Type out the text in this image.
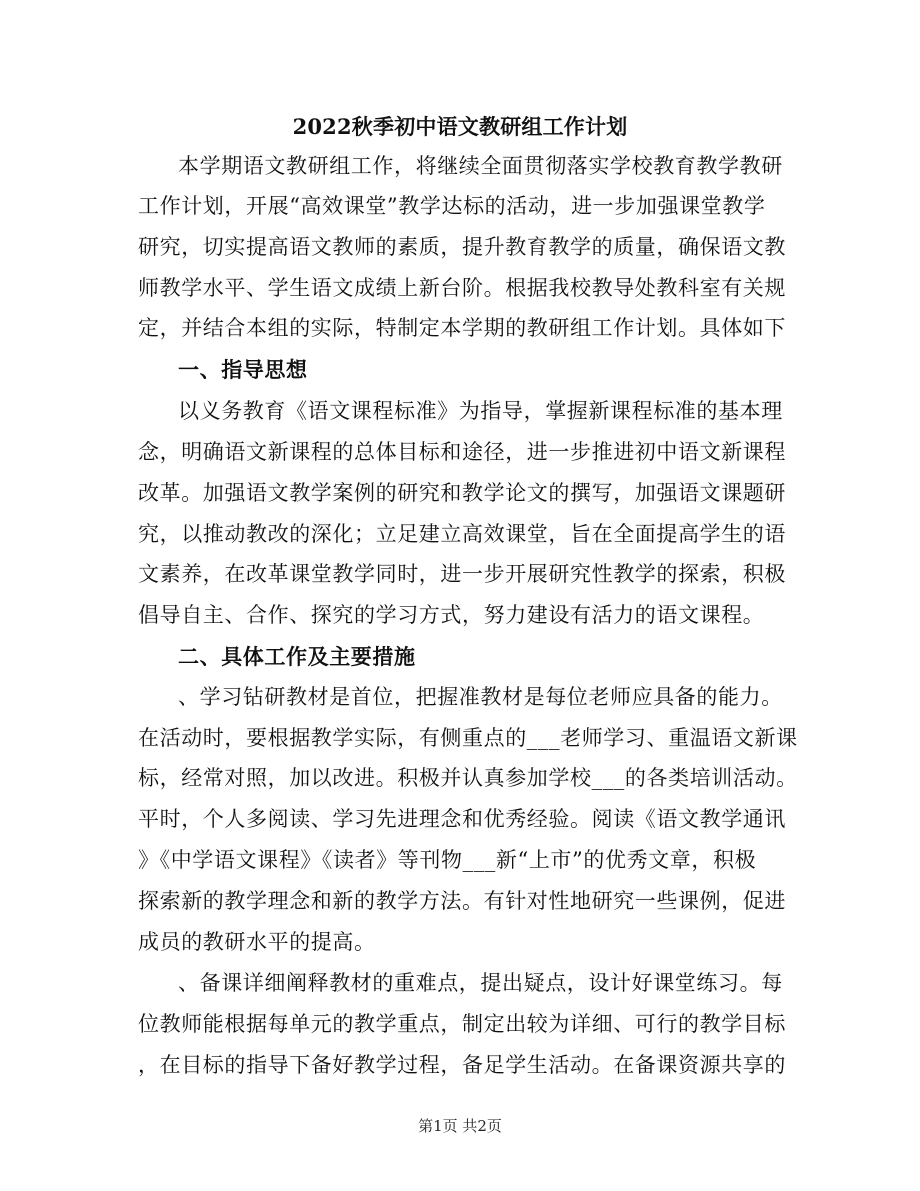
2022秋季初中语文教研组工作计划
本学期语文教研组工作，将继续全面贯彻落实学校教育教学教研
工作计划，开展“高效课堂”教学达标的活动，进一步加强课堂教学
研究，切实提高语文教师的素质，提升教育教学的质量，确保语文教
师教学水平、学生语文成绩上新台阶。根据我校教导处教科室有关规
定，并结合本组的实际，特制定本学期的教研组工作计划。具体如下
一、指导思想
以义务教育《语文课程标准》为指导，掌握新课程标准的基本理
念，明确语文新课程的总体目标和途径，进一步推进初中语文新课程
改革。加强语文教学案例的研究和教学论文的撰写，加强语文课题研
究，以推动教改的深化；立足建立高效课堂，旨在全面提高学生的语
文素养，在改革课堂教学同时，进一步开展研究性教学的探索，积极
倡导自主、合作、探究的学习方式，努力建设有活力的语文课程。
二、具体工作及主要措施
、学习钻研教材是首位，把握准教材是每位老师应具备的能力。
在活动时，要根据教学实际，有侧重点的___老师学习、重温语文新课
标，经常对照，加以改进。积极并认真参加学校___的各类培训活动。
平时，个人多阅读、学习先进理念和优秀经验。阅读《语文教学通讯
》《中学语文课程》《读者》等刊物___新“上市”的优秀文章，积极
探索新的教学理念和新的教学方法。有针对性地研究一些课例，促进
成员的教研水平的提高。
、备课详细阐释教材的重难点，提出疑点，设计好课堂练习。每
位教师能根据每单元的教学重点，制定出较为详细、可行的教学目标
，在目标的指导下备好教学过程，备足学生活动。在备课资源共享的
第1页 共2页
